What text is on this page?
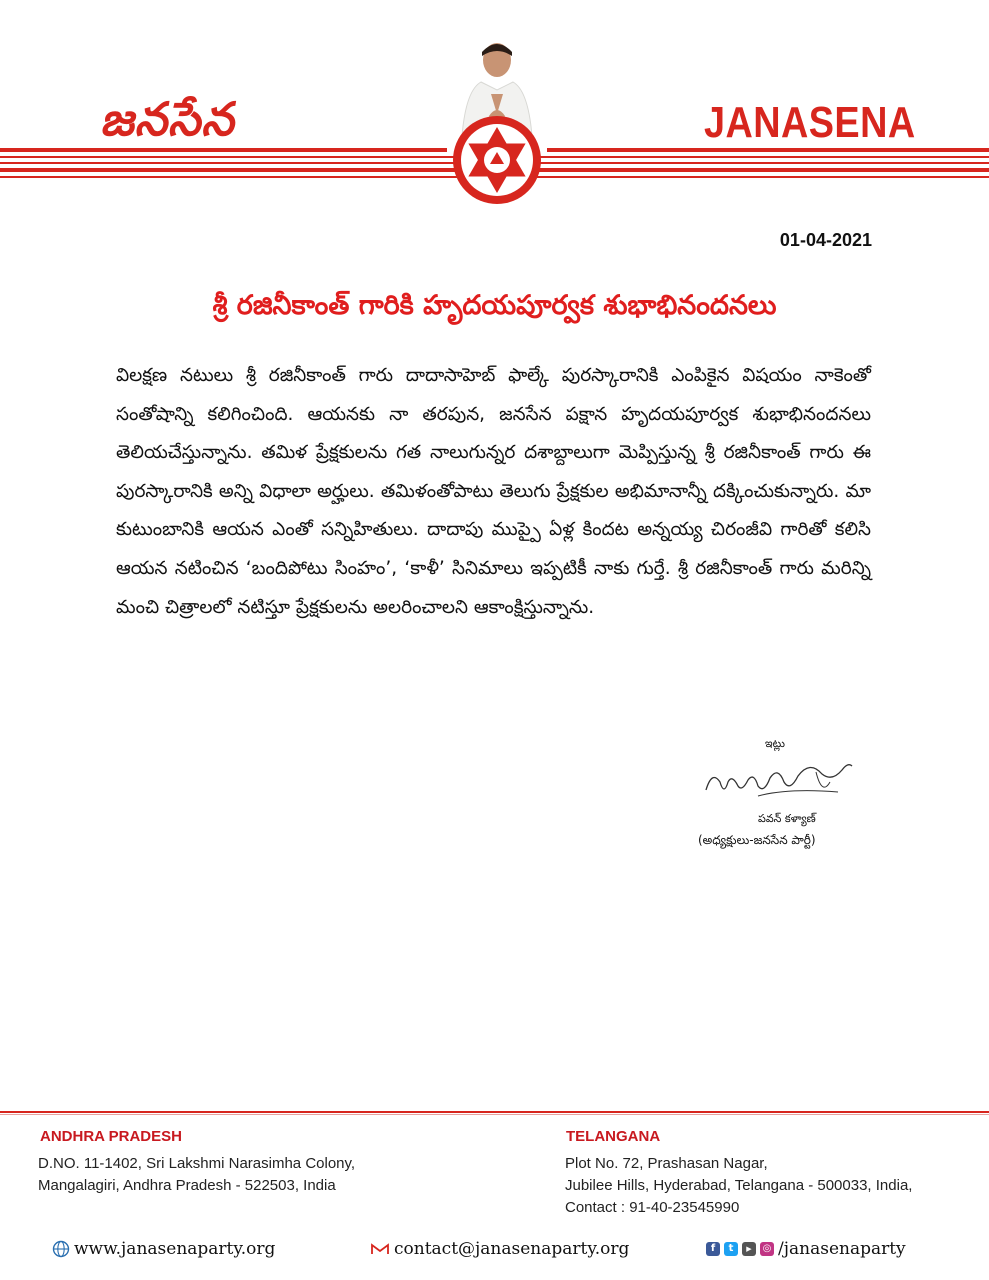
జనసేన	JANASENA
01-04-2021
శ్రీ రజినీకాంత్ గారికి హృదయపూర్వక శుభాభినందనలు
విలక్షణ నటులు శ్రీ రజినీకాంత్ గారు దాదాసాహెబ్ ఫాల్కే పురస్కారానికి ఎంపికైన విషయం నాకెంతో సంతోషాన్ని కలిగించింది. ఆయనకు నా తరపున, జనసేన పక్షాన హృదయపూర్వక శుభాభినందనలు తెలియచేస్తున్నాను. తమిళ ప్రేక్షకులను గత నాలుగున్నర దశాబ్దాలుగా మెప్పిస్తున్న శ్రీ రజినీకాంత్ గారు ఈ పురస్కారానికి అన్ని విధాలా అర్హులు. తమిళంతోపాటు తెలుగు ప్రేక్షకుల అభిమానాన్నీ దక్కించుకున్నారు. మా కుటుంబానికి ఆయన ఎంతో సన్నిహితులు. దాదాపు ముప్పై ఏళ్ల కిందట అన్నయ్య చిరంజీవి గారితో కలిసి ఆయన నటించిన ‘బందిపోటు సింహం’, ‘కాళీ’ సినిమాలు ఇప్పటికీ నాకు గుర్తే. శ్రీ రజినీకాంత్ గారు మరిన్ని మంచి చిత్రాలలో నటిస్తూ ప్రేక్షకులను అలరించాలని ఆకాంక్షిస్తున్నాను.
ఇట్లు
పవన్ కళ్యాణ్
(అధ్యక్షులు-జనసేన పార్టీ)
ANDHRA PRADESH
D.NO. 11-1402, Sri Lakshmi Narasimha Colony,
Mangalagiri, Andhra Pradesh - 522503, India
TELANGANA
Plot No. 72, Prashasan Nagar,
Jubilee Hills, Hyderabad, Telangana - 500033, India,
Contact : 91-40-23545990
www.janasenaparty.org	contact@janasenaparty.org	f	t	▶	◎ /janasenaparty
